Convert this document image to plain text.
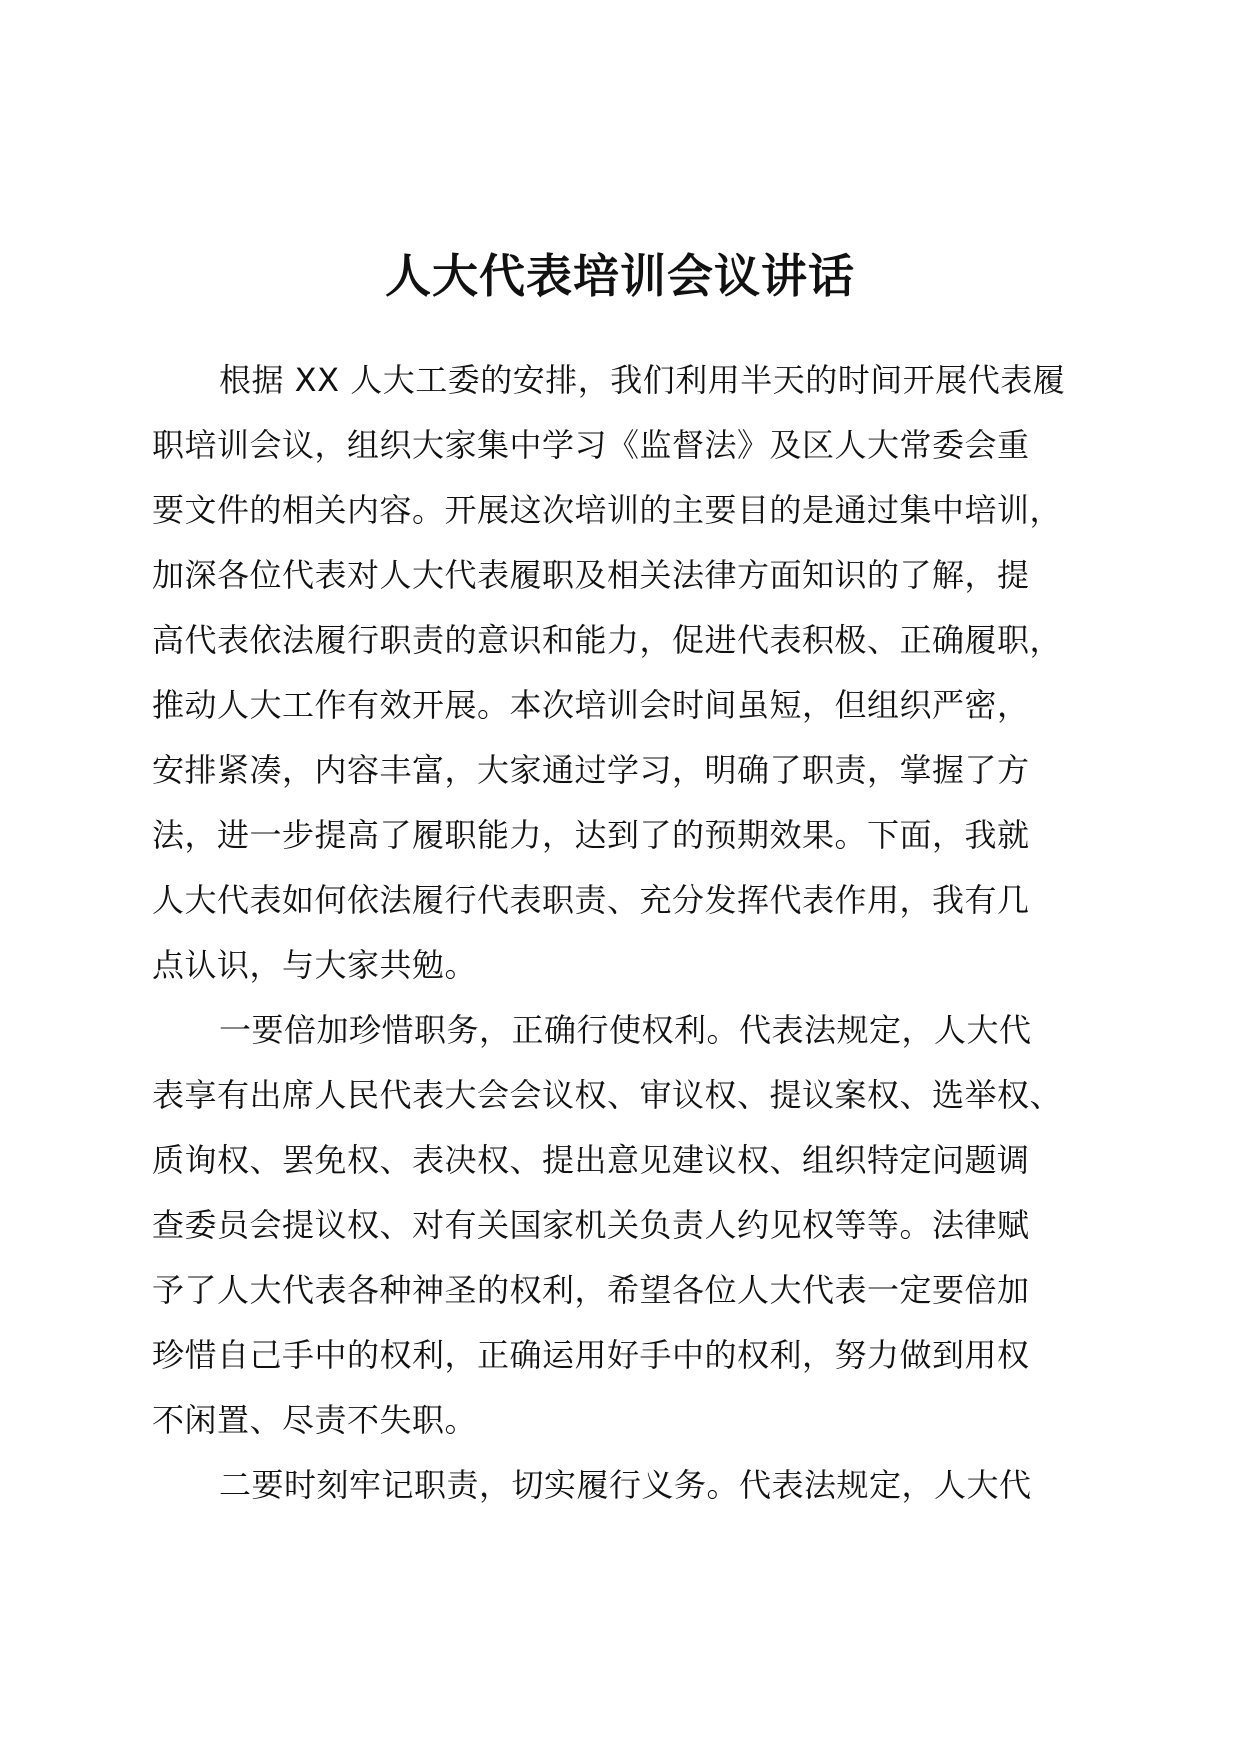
人大代表培训会议讲话
根据 XX 人大工委的安排，我们利用半天的时间开展代表履
职培训会议，组织大家集中学习《监督法》及区人大常委会重
要文件的相关内容。开展这次培训的主要目的是通过集中培训，
加深各位代表对人大代表履职及相关法律方面知识的了解，提
高代表依法履行职责的意识和能力，促进代表积极、正确履职，
推动人大工作有效开展。本次培训会时间虽短，但组织严密，
安排紧凑，内容丰富，大家通过学习，明确了职责，掌握了方
法，进一步提高了履职能力，达到了的预期效果。下面，我就
人大代表如何依法履行代表职责、充分发挥代表作用，我有几
点认识，与大家共勉。
一要倍加珍惜职务，正确行使权利。代表法规定，人大代
表享有出席人民代表大会会议权、审议权、提议案权、选举权、
质询权、罢免权、表决权、提出意见建议权、组织特定问题调
查委员会提议权、对有关国家机关负责人约见权等等。法律赋
予了人大代表各种神圣的权利，希望各位人大代表一定要倍加
珍惜自己手中的权利，正确运用好手中的权利，努力做到用权
不闲置、尽责不失职。
二要时刻牢记职责，切实履行义务。代表法规定，人大代
